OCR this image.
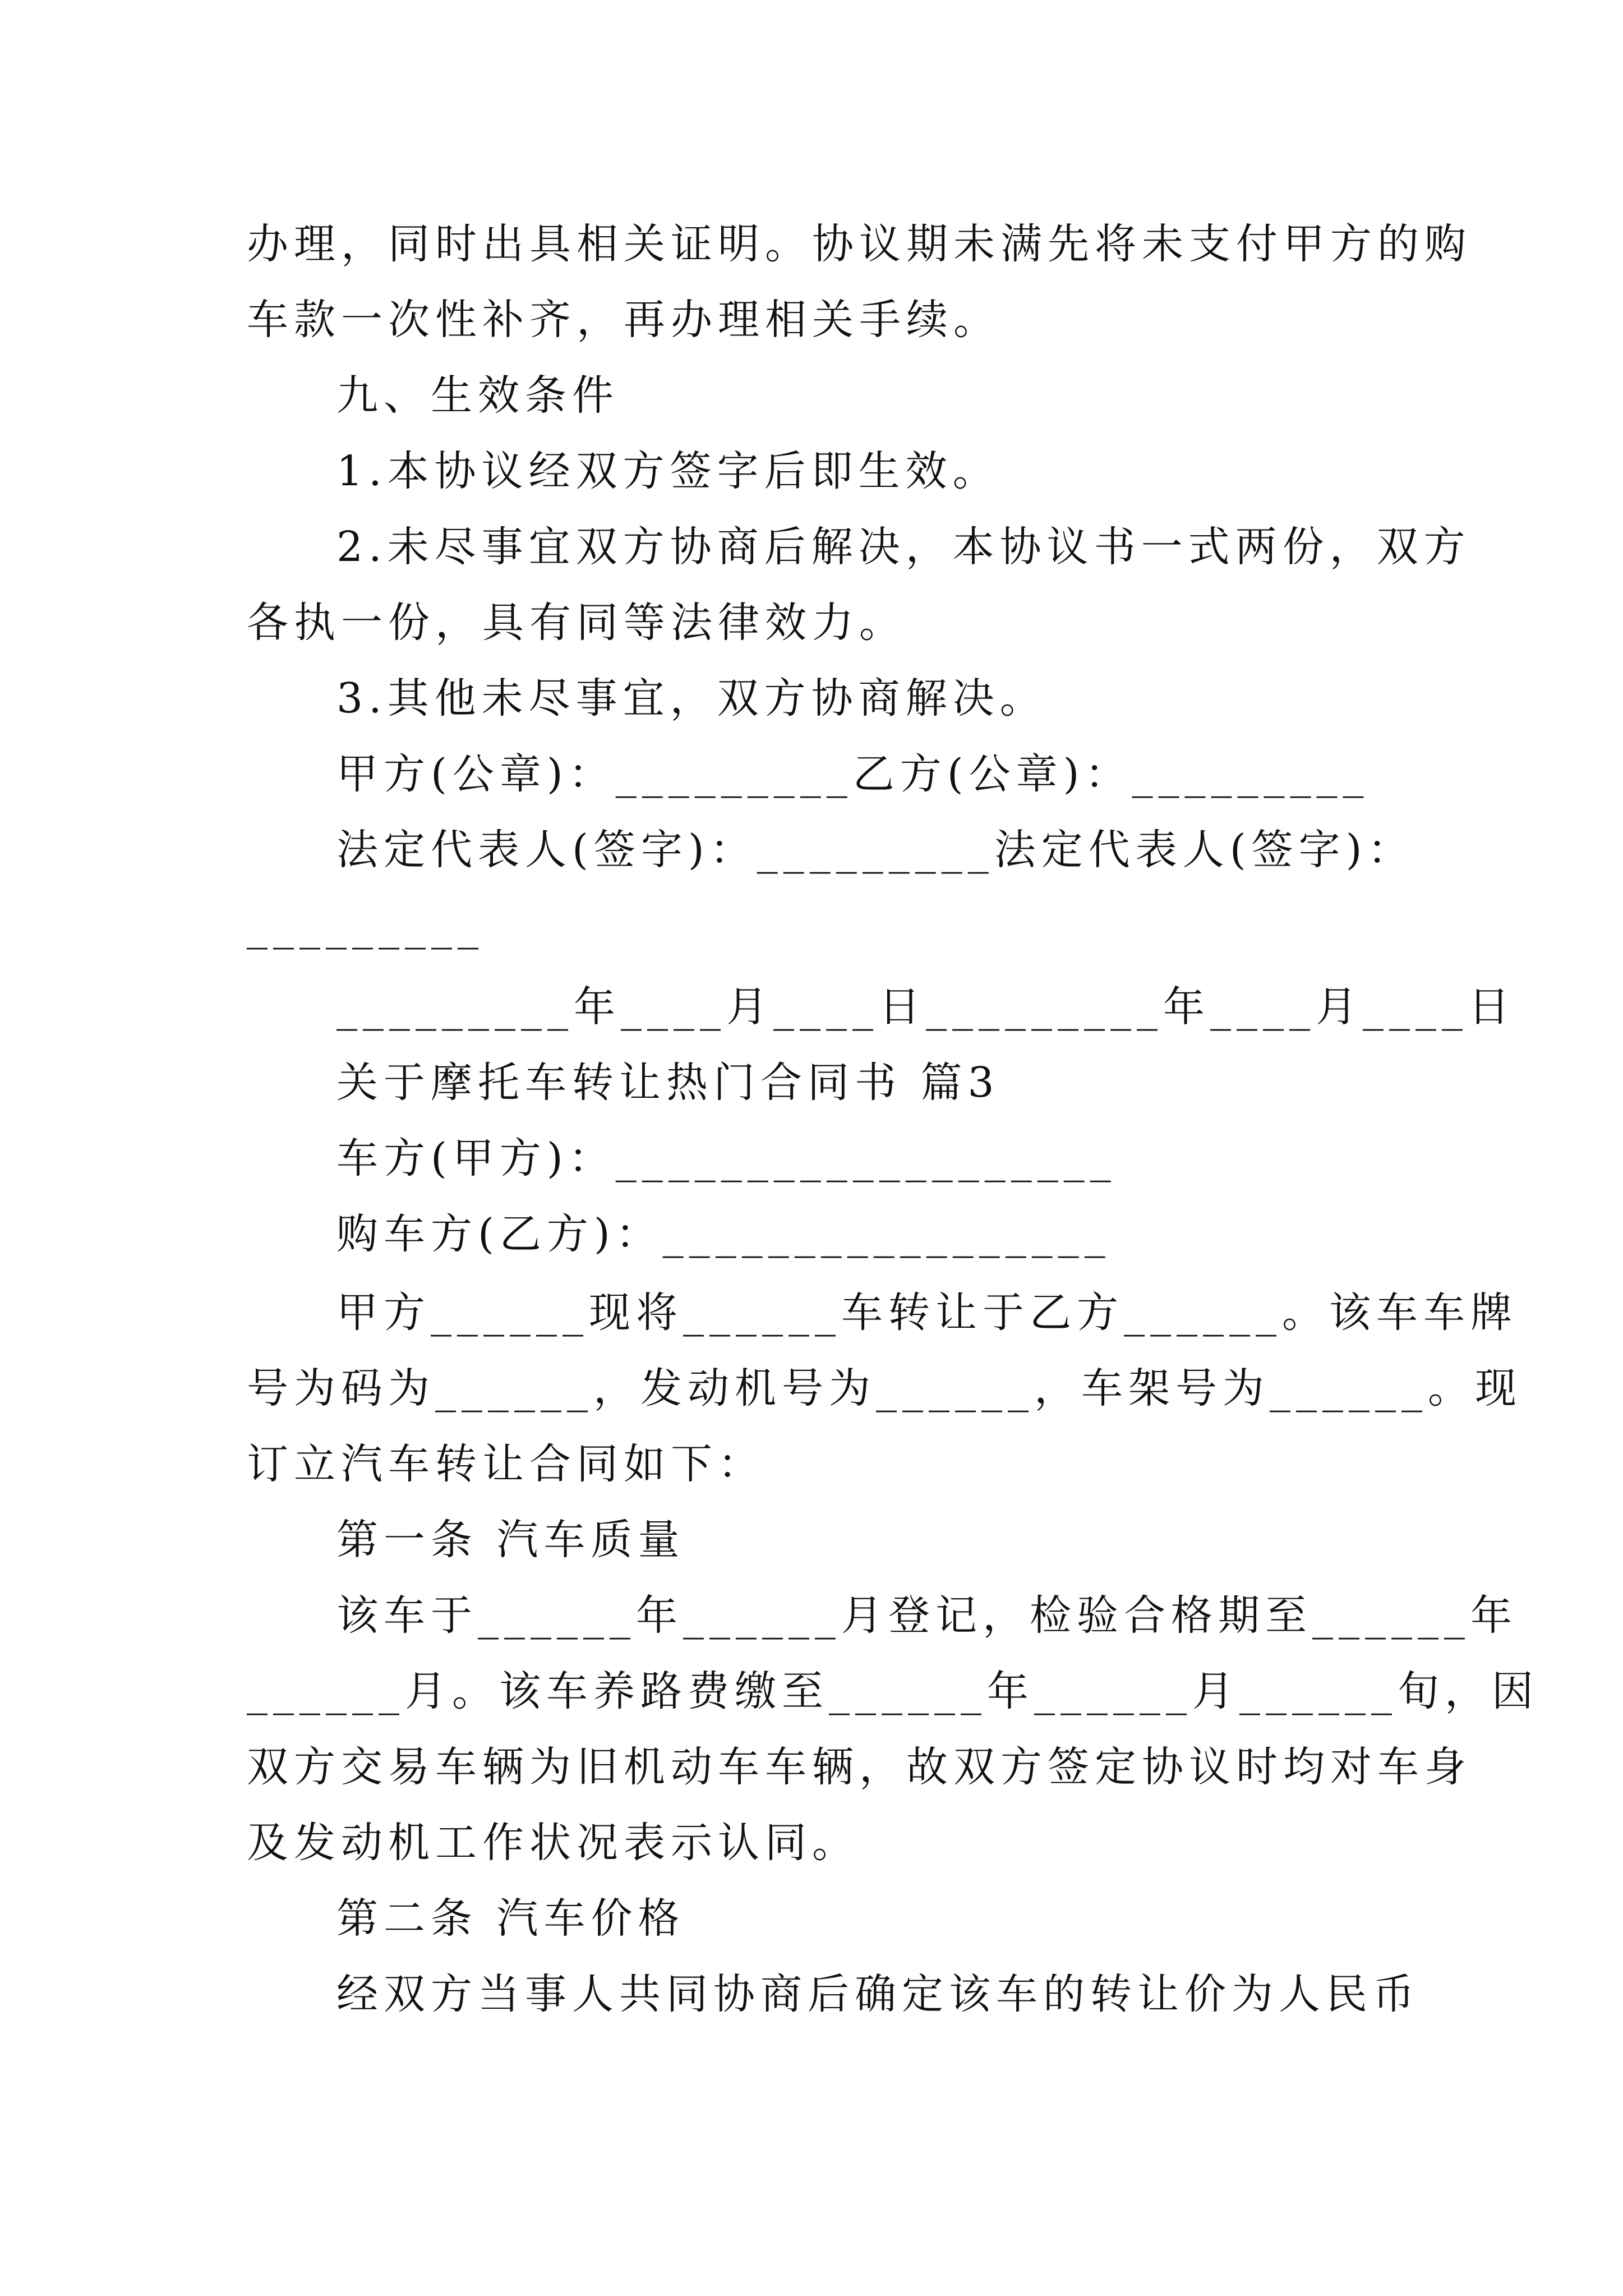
办理，同时出具相关证明。协议期未满先将未支付甲方的购
车款一次性补齐，再办理相关手续。
九、生效条件
1.本协议经双方签字后即生效。
2.未尽事宜双方协商后解决，本协议书一式两份，双方
各执一份，具有同等法律效力。
3.其他未尽事宜，双方协商解决。
甲方(公章)：_________乙方(公章)：_________
法定代表人(签字)：_________法定代表人(签字)：
_________
_________年____月____日_________年____月____日
关于摩托车转让热门合同书 篇3
车方(甲方)：___________________
购车方(乙方)：_________________
甲方______现将______车转让于乙方______。该车车牌
号为码为______，发动机号为______，车架号为______。现
订立汽车转让合同如下：
第一条 汽车质量
该车于______年______月登记，检验合格期至______年
______月。该车养路费缴至______年______月______旬，因
双方交易车辆为旧机动车车辆，故双方签定协议时均对车身
及发动机工作状况表示认同。
第二条 汽车价格
经双方当事人共同协商后确定该车的转让价为人民币
